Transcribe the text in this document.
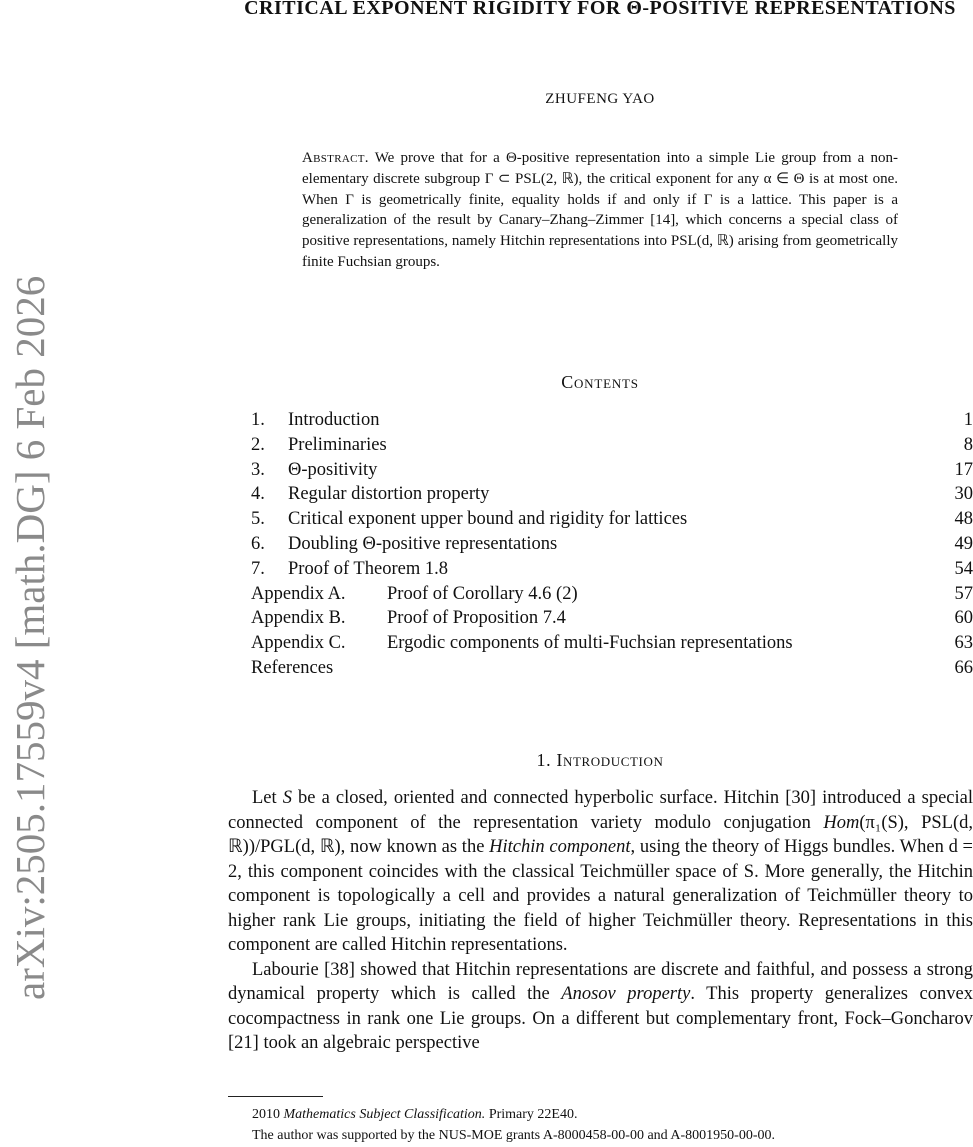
arXiv:2505.17559v4 [math.DG] 6 Feb 2026
CRITICAL EXPONENT RIGIDITY FOR Θ-POSITIVE REPRESENTATIONS
ZHUFENG YAO
Abstract. We prove that for a Θ-positive representation into a simple Lie group from a non-elementary discrete subgroup Γ ⊂ PSL(2, ℝ), the critical exponent for any α ∈ Θ is at most one. When Γ is geometrically finite, equality holds if and only if Γ is a lattice. This paper is a generalization of the result by Canary–Zhang–Zimmer [14], which concerns a special class of positive representations, namely Hitchin representations into PSL(d, ℝ) arising from geometrically finite Fuchsian groups.
Contents
1.	Introduction	1
2.	Preliminaries	8
3.	Θ-positivity	17
4.	Regular distortion property	30
5.	Critical exponent upper bound and rigidity for lattices	48
6.	Doubling Θ-positive representations	49
7.	Proof of Theorem 1.8	54
Appendix A.	Proof of Corollary 4.6 (2)	57
Appendix B.	Proof of Proposition 7.4	60
Appendix C.	Ergodic components of multi-Fuchsian representations	63
References	66
1. Introduction

Let S be a closed, oriented and connected hyperbolic surface. Hitchin [30] introduced a special connected component of the representation variety modulo conjugation Hom(π₁(S), PSL(d, ℝ))/PGL(d, ℝ), now known as the Hitchin component, using the theory of Higgs bundles. When d = 2, this component coincides with the classical Teichmüller space of S. More generally, the Hitchin component is topologically a cell and provides a natural generalization of Teichmüller theory to higher rank Lie groups, initiating the field of higher Teichmüller theory. Representations in this component are called Hitchin representations.

Labourie [38] showed that Hitchin representations are discrete and faithful, and possess a strong dynamical property which is called the Anosov property. This property generalizes convex cocompactness in rank one Lie groups. On a different but complementary front, Fock–Goncharov [21] took an algebraic perspective

2010 Mathematics Subject Classification. Primary 22E40.
The author was supported by the NUS-MOE grants A-8000458-00-00 and A-8001950-00-00.
